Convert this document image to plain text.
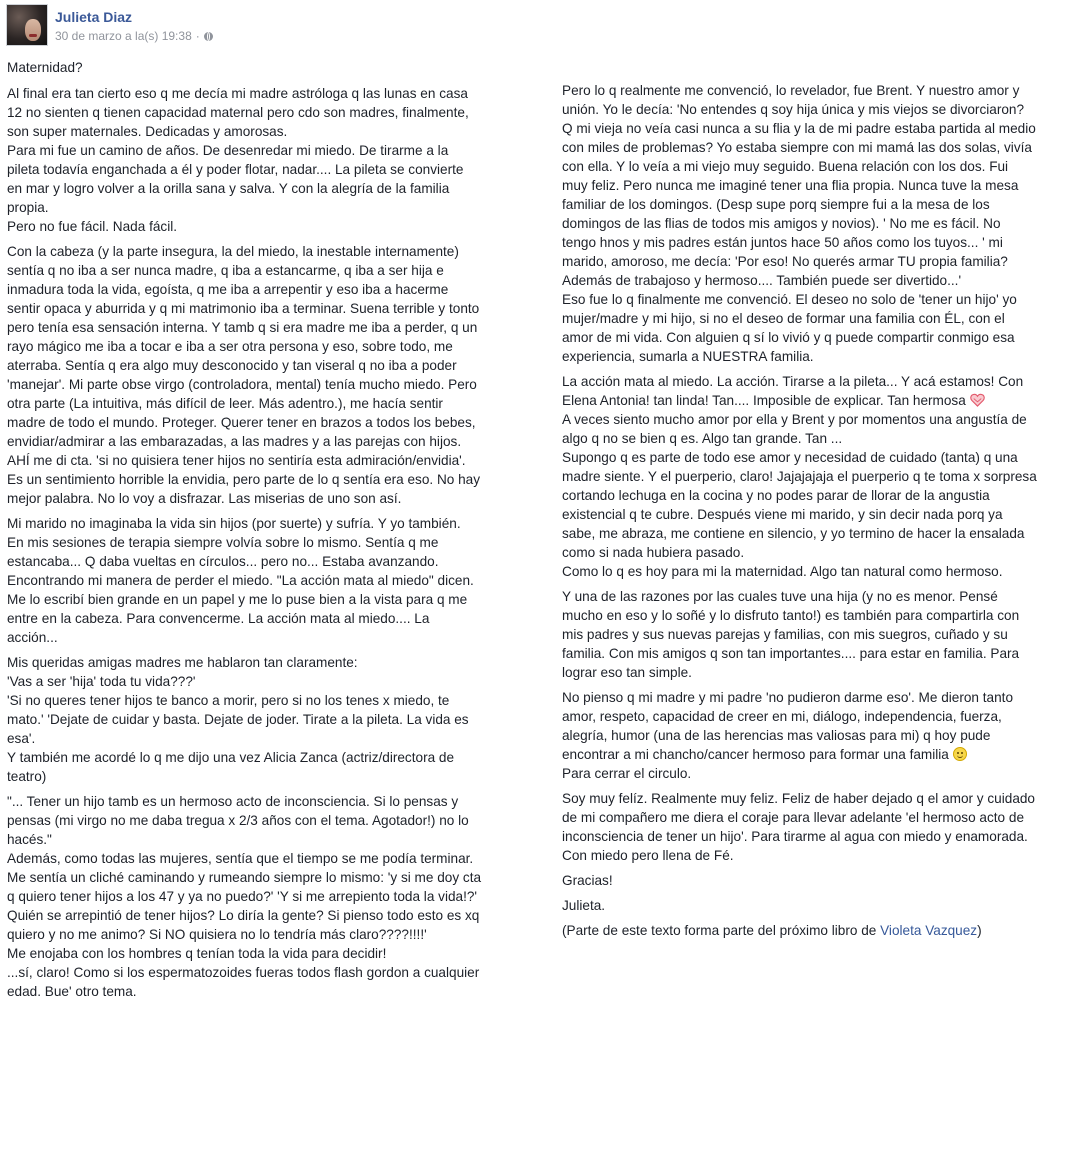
Julieta Diaz
30 de marzo a la(s) 19:38 ·

Maternidad?

Al final era tan cierto eso q me decía mi madre astróloga q las lunas en casa 12 no sienten q tienen capacidad maternal pero cdo son madres, finalmente, son super maternales. Dedicadas y amorosas.
Para mi fue un camino de años. De desenredar mi miedo. De tirarme a la pileta todavía enganchada a él y poder flotar, nadar.... La pileta se convierte en mar y logro volver a la orilla sana y salva. Y con la alegría de la familia propia.
Pero no fue fácil. Nada fácil.

Con la cabeza (y la parte insegura, la del miedo, la inestable internamente) sentía q no iba a ser nunca madre, q iba a estancarme, q iba a ser hija e inmadura toda la vida, egoísta, q me iba a arrepentir y eso iba a hacerme sentir opaca y aburrida y q mi matrimonio iba a terminar. Suena terrible y tonto pero tenía esa sensación interna. Y tamb q si era madre me iba a perder, q un rayo mágico me iba a tocar e iba a ser otra persona y eso, sobre todo, me aterraba. Sentía q era algo muy desconocido y tan viseral q no iba a poder 'manejar'. Mi parte obse virgo (controladora, mental) tenía mucho miedo. Pero otra parte (La intuitiva, más difícil de leer. Más adentro.), me hacía sentir madre de todo el mundo. Proteger. Querer tener en brazos a todos los bebes, envidiar/admirar a las embarazadas, a las madres y a las parejas con hijos. AHÍ me di cta. 'si no quisiera tener hijos no sentiría esta admiración/envidia'.
Es un sentimiento horrible la envidia, pero parte de lo q sentía era eso. No hay mejor palabra. No lo voy a disfrazar. Las miserias de uno son así.

Mi marido no imaginaba la vida sin hijos (por suerte) y sufría. Y yo también.
En mis sesiones de terapia siempre volvía sobre lo mismo. Sentía q me estancaba... Q daba vueltas en círculos... pero no... Estaba avanzando. Encontrando mi manera de perder el miedo. "La acción mata al miedo" dicen. Me lo escribí bien grande en un papel y me lo puse bien a la vista para q me entre en la cabeza. Para convencerme. La acción mata al miedo.... La acción...

Mis queridas amigas madres me hablaron tan claramente:
'Vas a ser 'hija' toda tu vida???'
'Si no queres tener hijos te banco a morir, pero si no los tenes x miedo, te mato.' 'Dejate de cuidar y basta. Dejate de joder. Tirate a la pileta. La vida es esa'.
Y también me acordé lo q me dijo una vez Alicia Zanca (actriz/directora de teatro)

"... Tener un hijo tamb es un hermoso acto de inconsciencia. Si lo pensas y pensas (mi virgo no me daba tregua x 2/3 años con el tema. Agotador!) no lo hacés."
Además, como todas las mujeres, sentía que el tiempo se me podía terminar. Me sentía un cliché caminando y rumeando siempre lo mismo: 'y si me doy cta q quiero tener hijos a los 47 y ya no puedo?' 'Y si me arrepiento toda la vida!?' Quién se arrepintió de tener hijos? Lo diría la gente? Si pienso todo esto es xq quiero y no me animo? Si NO quisiera no lo tendría más claro????!!!!'
Me enojaba con los hombres q tenían toda la vida para decidir!
...sí, claro! Como si los espermatozoides fueras todos flash gordon a cualquier edad. Bue' otro tema.

Pero lo q realmente me convenció, lo revelador, fue Brent. Y nuestro amor y unión. Yo le decía: 'No entendes q soy hija única y mis viejos se divorciaron? Q mi vieja no veía casi nunca a su flia y la de mi padre estaba partida al medio con miles de problemas? Yo estaba siempre con mi mamá las dos solas, vivía con ella. Y lo veía a mi viejo muy seguido. Buena relación con los dos. Fui muy feliz. Pero nunca me imaginé tener una flia propia. Nunca tuve la mesa familiar de los domingos. (Desp supe porq siempre fui a la mesa de los domingos de las flias de todos mis amigos y novios). ' No me es fácil. No tengo hnos y mis padres están juntos hace 50 años como los tuyos... ' mi marido, amoroso, me decía: 'Por eso! No querés armar TU propia familia? Además de trabajoso y hermoso.... También puede ser divertido...'
Eso fue lo q finalmente me convenció. El deseo no solo de 'tener un hijo' yo mujer/madre y mi hijo, si no el deseo de formar una familia con ÉL, con el amor de mi vida. Con alguien q sí lo vivió y q puede compartir conmigo esa experiencia, sumarla a NUESTRA familia.

La acción mata al miedo. La acción. Tirarse a la pileta... Y acá estamos! Con Elena Antonia! tan linda! Tan.... Imposible de explicar. Tan hermosa
A veces siento mucho amor por ella y Brent y por momentos una angustía de algo q no se bien q es. Algo tan grande. Tan ...
Supongo q es parte de todo ese amor y necesidad de cuidado (tanta) q una madre siente. Y el puerperio, claro! Jajajajaja el puerperio q te toma x sorpresa cortando lechuga en la cocina y no podes parar de llorar de la angustia existencial q te cubre. Después viene mi marido, y sin decir nada porq ya sabe, me abraza, me contiene en silencio, y yo termino de hacer la ensalada como si nada hubiera pasado.
Como lo q es hoy para mi la maternidad. Algo tan natural como hermoso.

Y una de las razones por las cuales tuve una hija (y no es menor. Pensé mucho en eso y lo soñé y lo disfruto tanto!) es también para compartirla con mis padres y sus nuevas parejas y familias, con mis suegros, cuñado y su familia. Con mis amigos q son tan importantes.... para estar en familia. Para lograr eso tan simple.

No pienso q mi madre y mi padre 'no pudieron darme eso'. Me dieron tanto amor, respeto, capacidad de creer en mi, diálogo, independencia, fuerza, alegría, humor (una de las herencias mas valiosas para mi) q hoy pude encontrar a mi chancho/cancer hermoso para formar una familia
Para cerrar el circulo.

Soy muy felíz. Realmente muy feliz. Feliz de haber dejado q el amor y cuidado de mi compañero me diera el coraje para llevar adelante 'el hermoso acto de inconsciencia de tener un hijo'. Para tirarme al agua con miedo y enamorada. Con miedo pero llena de Fé.

Gracias!

Julieta.

(Parte de este texto forma parte del próximo libro de Violeta Vazquez)
